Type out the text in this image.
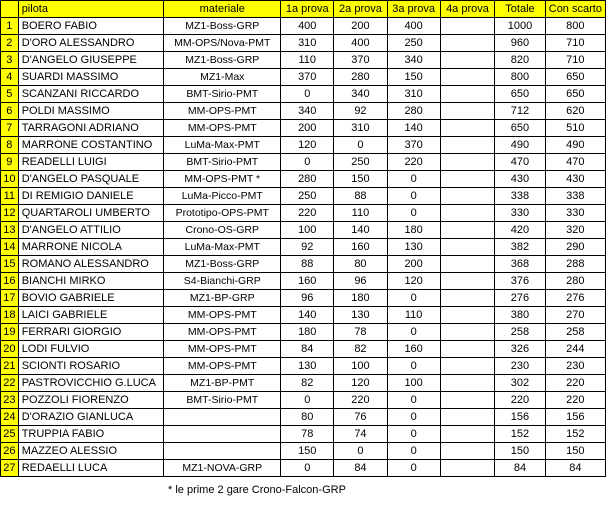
	pilota	materiale	1a prova	2a prova	3a prova	4a prova	Totale	Con scarto
1	BOERO FABIO	MZ1-Boss-GRP	400	200	400		1000	800
2	D'ORO ALESSANDRO	MM-OPS/Nova-PMT	310	400	250		960	710
3	D'ANGELO GIUSEPPE	MZ1-Boss-GRP	110	370	340		820	710
4	SUARDI MASSIMO	MZ1-Max	370	280	150		800	650
5	SCANZANI RICCARDO	BMT-Sirio-PMT	0	340	310		650	650
6	POLDI MASSIMO	MM-OPS-PMT	340	92	280		712	620
7	TARRAGONI ADRIANO	MM-OPS-PMT	200	310	140		650	510
8	MARRONE COSTANTINO	LuMa-Max-PMT	120	0	370		490	490
9	READELLI LUIGI	BMT-Sirio-PMT	0	250	220		470	470
10	D'ANGELO PASQUALE	MM-OPS-PMT *	280	150	0		430	430
11	DI REMIGIO DANIELE	LuMa-Picco-PMT	250	88	0		338	338
12	QUARTAROLI UMBERTO	Prototipo-OPS-PMT	220	110	0		330	330
13	D'ANGELO ATTILIO	Crono-OS-GRP	100	140	180		420	320
14	MARRONE NICOLA	LuMa-Max-PMT	92	160	130		382	290
15	ROMANO ALESSANDRO	MZ1-Boss-GRP	88	80	200		368	288
16	BIANCHI MIRKO	S4-Bianchi-GRP	160	96	120		376	280
17	BOVIO GABRIELE	MZ1-BP-GRP	96	180	0		276	276
18	LAICI GABRIELE	MM-OPS-PMT	140	130	110		380	270
19	FERRARI GIORGIO	MM-OPS-PMT	180	78	0		258	258
20	LODI FULVIO	MM-OPS-PMT	84	82	160		326	244
21	SCIONTI ROSARIO	MM-OPS-PMT	130	100	0		230	230
22	PASTROVICCHIO G.LUCA	MZ1-BP-PMT	82	120	100		302	220
23	POZZOLI FIORENZO	BMT-Sirio-PMT	0	220	0		220	220
24	D'ORAZIO GIANLUCA		80	76	0		156	156
25	TRUPPIA FABIO		78	74	0		152	152
26	MAZZEO ALESSIO		150	0	0		150	150
27	REDAELLI LUCA	MZ1-NOVA-GRP	0	84	0		84	84
* le prime 2 gare Crono-Falcon-GRP
